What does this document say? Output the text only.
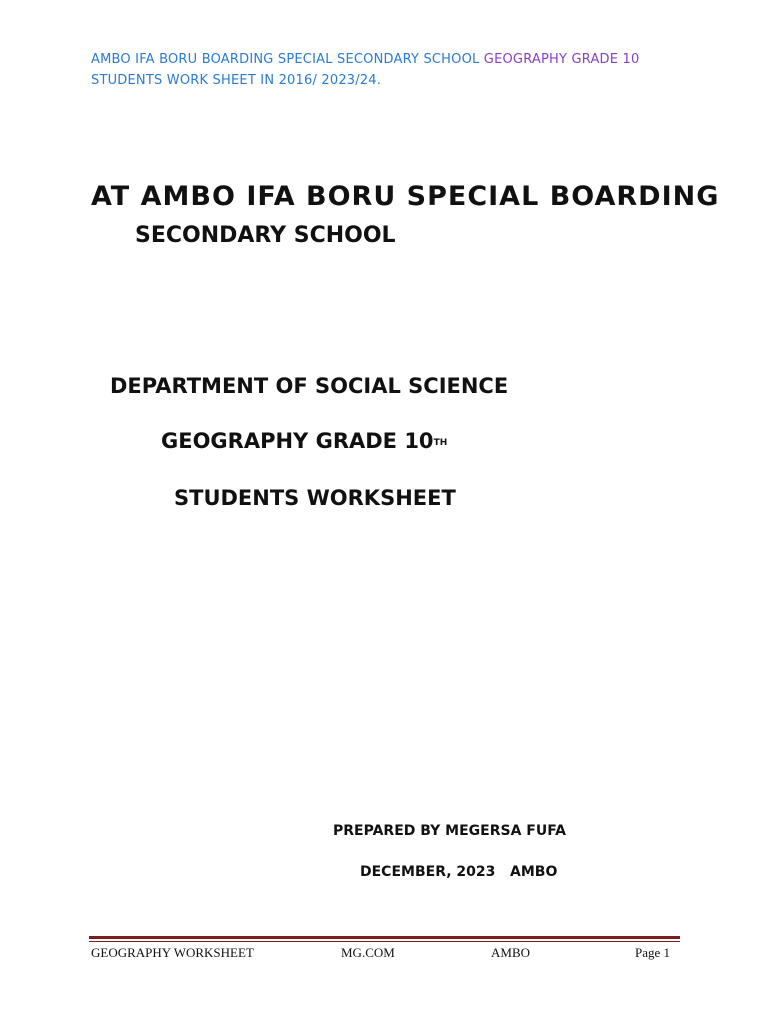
AMBO IFA BORU BOARDING SPECIAL SECONDARY SCHOOL GEOGRAPHY GRADE 10
STUDENTS WORK SHEET IN 2016/ 2023/24.
AT AMBO IFA BORU SPECIAL BOARDING
SECONDARY SCHOOL
DEPARTMENT OF SOCIAL SCIENCE
GEOGRAPHY GRADE 10TH
STUDENTS WORKSHEET
PREPARED BY MEGERSA FUFA
DECEMBER, 2023   AMBO
GEOGRAPHY WORKSHEET	MG.COM	AMBO	Page 1
